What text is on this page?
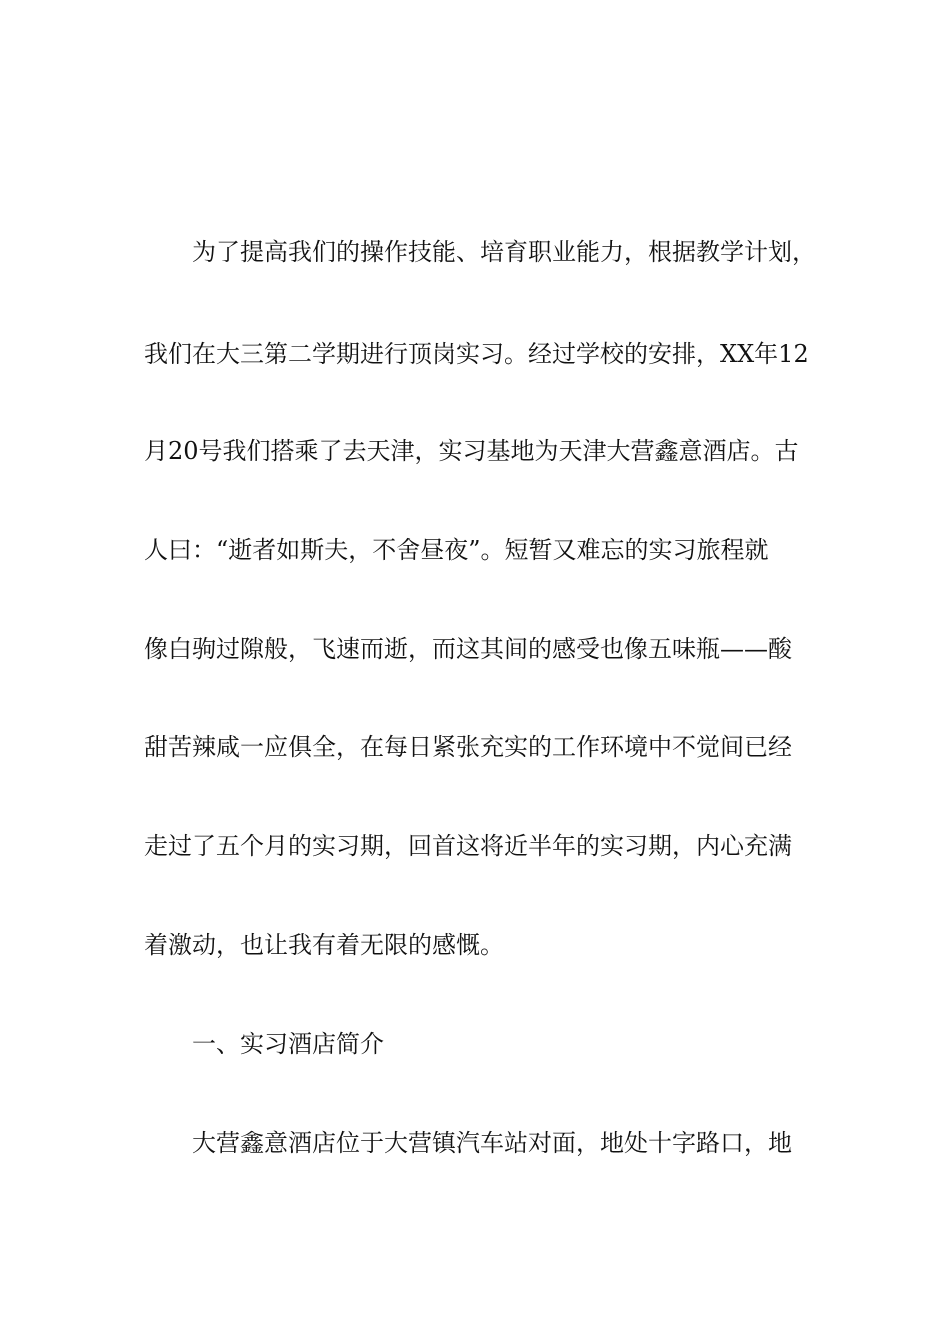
为了提高我们的操作技能、培育职业能力，根据教学计划，
我们在大三第二学期进行顶岗实习。经过学校的安排，XX年12
月20号我们搭乘了去天津，实习基地为天津大营鑫意酒店。古
人曰：“逝者如斯夫，不舍昼夜”。短暂又难忘的实习旅程就
像白驹过隙般，飞速而逝，而这其间的感受也像五味瓶——酸
甜苦辣咸一应俱全，在每日紧张充实的工作环境中不觉间已经
走过了五个月的实习期，回首这将近半年的实习期，内心充满
着激动，也让我有着无限的感慨。
一、实习酒店简介
大营鑫意酒店位于大营镇汽车站对面，地处十字路口，地
